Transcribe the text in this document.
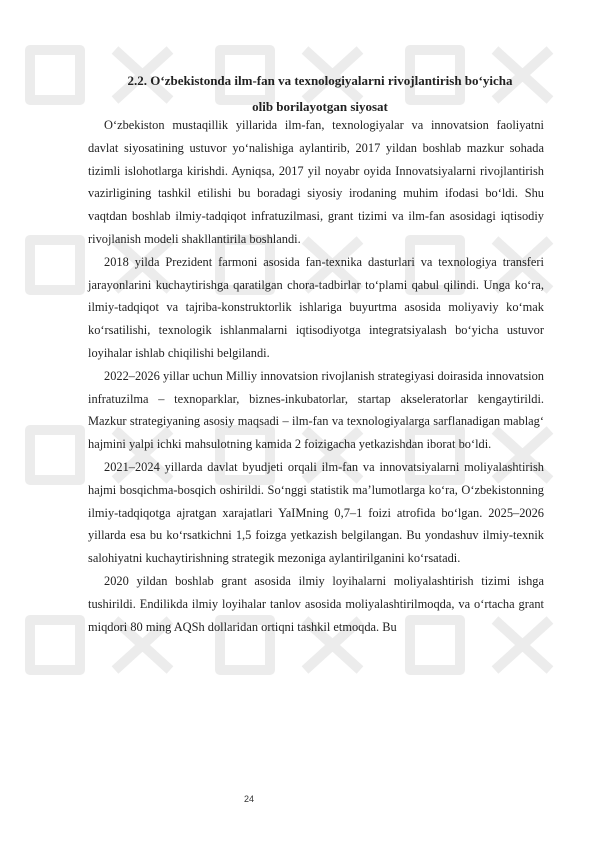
2.2. O‘zbekistonda ilm-fan va texnologiyalarni rivojlantirish bo‘yicha
olib borilayotgan siyosat

O‘zbekiston mustaqillik yillarida ilm-fan, texnologiyalar va innovatsion faoliyatni davlat siyosatining ustuvor yo‘nalishiga aylantirib, 2017 yildan boshlab mazkur sohada tizimli islohotlarga kirishdi. Ayniqsa, 2017 yil noyabr oyida Innovatsiyalarni rivojlantirish vazirligining tashkil etilishi bu boradagi siyosiy irodaning muhim ifodasi bo‘ldi. Shu vaqtdan boshlab ilmiy-tadqiqot infratuzilmasi, grant tizimi va ilm-fan asosidagi iqtisodiy rivojlanish modeli shakllantirila boshlandi.

2018 yilda Prezident farmoni asosida fan-texnika dasturlari va texnologiya transferi jarayonlarini kuchaytirishga qaratilgan chora-tadbirlar to‘plami qabul qilindi. Unga ko‘ra, ilmiy-tadqiqot va tajriba-konstruktorlik ishlariga buyurtma asosida moliyaviy ko‘mak ko‘rsatilishi, texnologik ishlanmalarni iqtisodiyotga integratsiyalash bo‘yicha ustuvor loyihalar ishlab chiqilishi belgilandi.

2022–2026 yillar uchun Milliy innovatsion rivojlanish strategiyasi doirasida innovatsion infratuzilma – texnoparklar, biznes-inkubatorlar, startap akseleratorlar kengaytirildi. Mazkur strategiyaning asosiy maqsadi – ilm-fan va texnologiyalarga sarflanadigan mablag‘ hajmini yalpi ichki mahsulotning kamida 2 foizigacha yetkazishdan iborat bo‘ldi.

2021–2024 yillarda davlat byudjeti orqali ilm-fan va innovatsiyalarni moliyalashtirish hajmi bosqichma-bosqich oshirildi. So‘nggi statistik ma’lumotlarga ko‘ra, O‘zbekistonning ilmiy-tadqiqotga ajratgan xarajatlari YaIMning 0,7–1 foizi atrofida bo‘lgan. 2025–2026 yillarda esa bu ko‘rsatkichni 1,5 foizga yetkazish belgilangan. Bu yondashuv ilmiy-texnik salohiyatni kuchaytirishning strategik mezoniga aylantirilganini ko‘rsatadi.

2020 yildan boshlab grant asosida ilmiy loyihalarni moliyalashtirish tizimi ishga tushirildi. Endilikda ilmiy loyihalar tanlov asosida moliyalashtirilmoqda, va o‘rtacha grant miqdori 80 ming AQSh dollaridan ortiqni tashkil etmoqda. Bu

24
